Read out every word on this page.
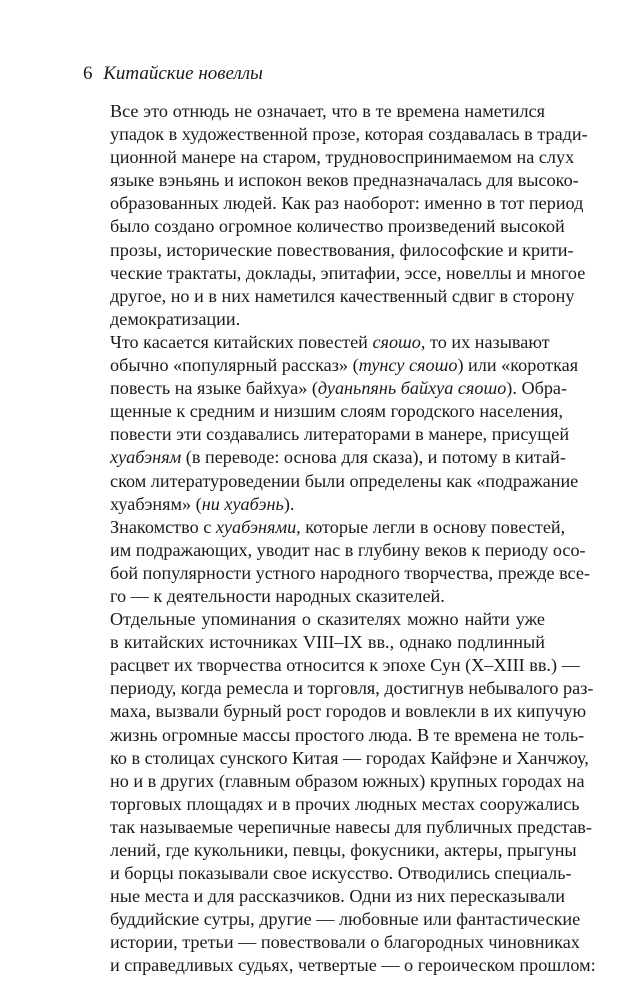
6 Китайские новеллы
Все это отнюдь не означает, что в те времена наметился
упадок в художественной прозе, которая создавалась в тради-
ционной манере на старом, трудновоспринимаемом на слух
языке вэньянь и испокон веков предназначалась для высоко-
образованных людей. Как раз наоборот: именно в тот период
было создано огромное количество произведений высокой
прозы, исторические повествования, философские и крити-
ческие трактаты, доклады, эпитафии, эссе, новеллы и многое
другое, но и в них наметился качественный сдвиг в сторону
демократизации.
Что касается китайских повестей сяошо, то их называют
обычно «популярный рассказ» (тунсу сяошо) или «короткая
повесть на языке байхуа» (дуаньпянь байхуа сяошо). Обра-
щенные к средним и низшим слоям городского населения,
повести эти создавались литераторами в манере, присущей
хуабэням (в переводе: основа для сказа), и потому в китай-
ском литературоведении были определены как «подражание
хуабэням» (ни хуабэнь).
Знакомство с хуабэнями, которые легли в основу повестей,
им подражающих, уводит нас в глубину веков к периоду осо-
бой популярности устного народного творчества, прежде все-
го — к деятельности народных сказителей.
Отдельные упоминания о сказителях можно найти уже
в китайских источниках VIII–IX вв., однако подлинный
расцвет их творчества относится к эпохе Сун (X–XIII вв.) —
периоду, когда ремесла и торговля, достигнув небывалого раз-
маха, вызвали бурный рост городов и вовлекли в их кипучую
жизнь огромные массы простого люда. В те времена не толь-
ко в столицах сунского Китая — городах Кайфэне и Ханчжоу,
но и в других (главным образом южных) крупных городах на
торговых площадях и в прочих людных местах сооружались
так называемые черепичные навесы для публичных представ-
лений, где кукольники, певцы, фокусники, актеры, прыгуны
и борцы показывали свое искусство. Отводились специаль-
ные места и для рассказчиков. Одни из них пересказывали
буддийские сутры, другие — любовные или фантастические
истории, третьи — повествовали о благородных чиновниках
и справедливых судьях, четвертые — о героическом прошлом:
